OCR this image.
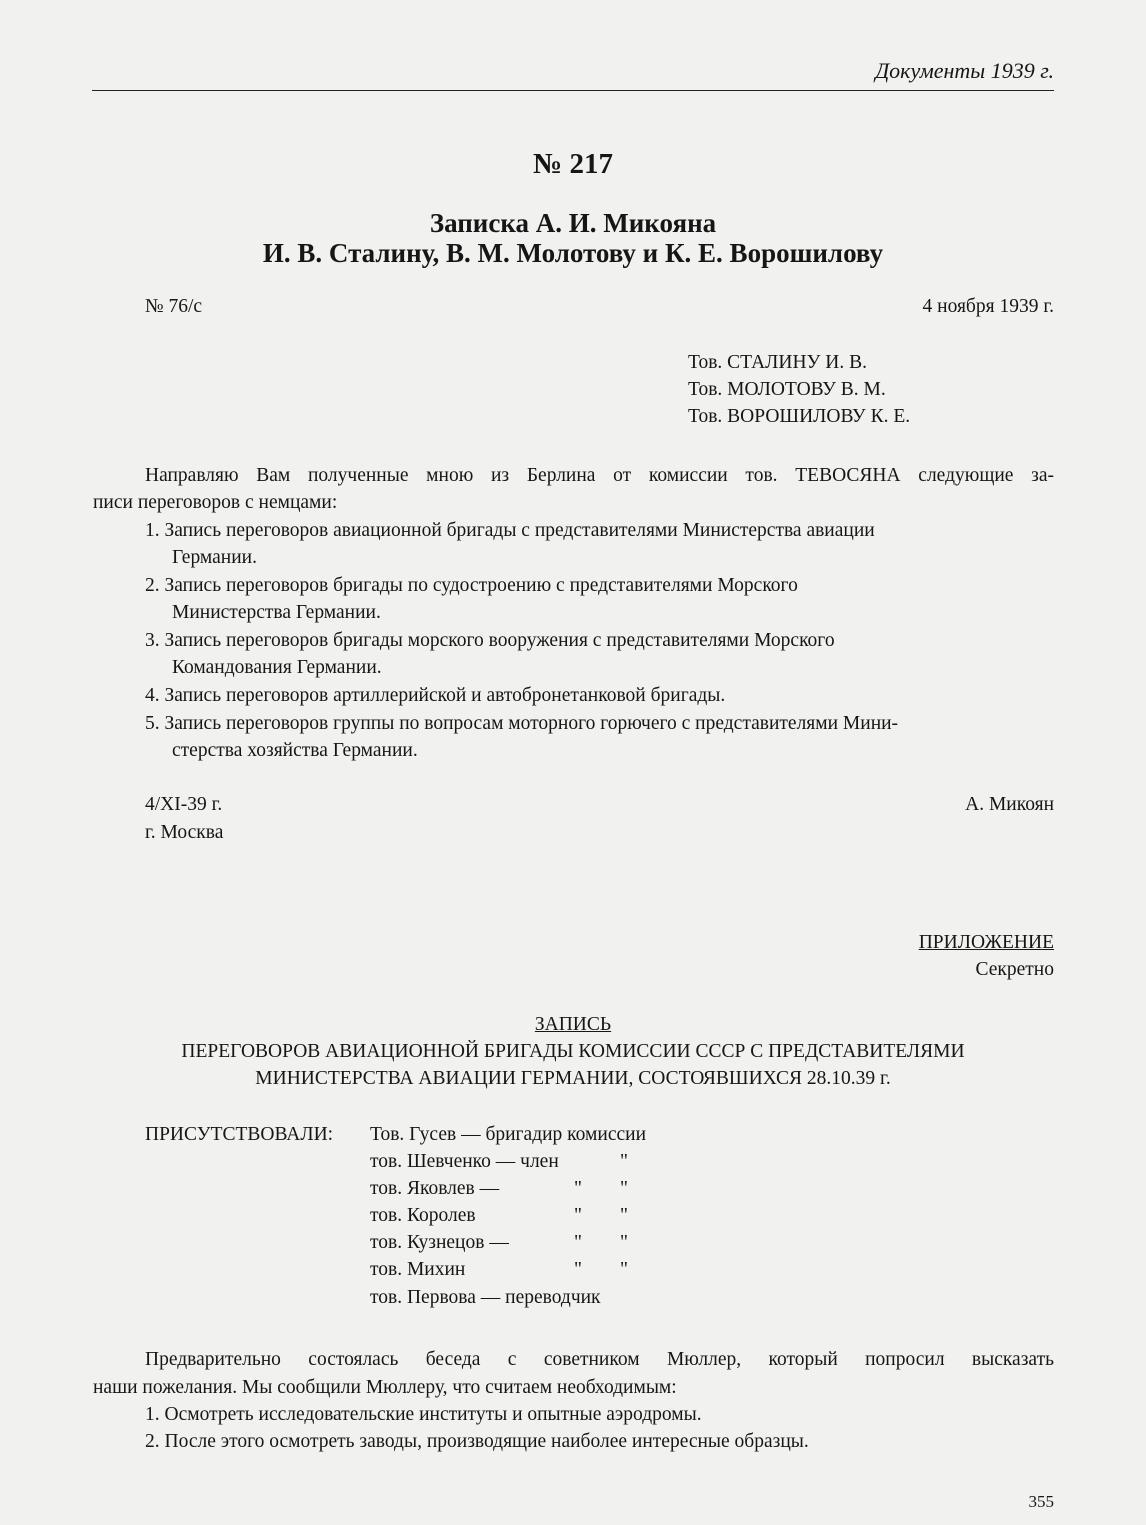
Документы 1939 г.
№ 217
Записка А. И. Микояна
И. В. Сталину, В. М. Молотову и К. Е. Ворошилову
№ 76/с	4 ноября 1939 г.
Тов. СТАЛИНУ И. В.
Тов. МОЛОТОВУ В. М.
Тов. ВОРОШИЛОВУ К. Е.
Направляю Вам полученные мною из Берлина от комиссии тов. ТЕВОСЯНА следующие за-
писи переговоров с немцами:
1. Запись переговоров авиационной бригады с представителями Министерства авиации
Германии.
2. Запись переговоров бригады по судостроению с представителями Морского
Министерства Германии.
3. Запись переговоров бригады морского вооружения с представителями Морского
Командования Германии.
4. Запись переговоров артиллерийской и автобронетанковой бригады.
5. Запись переговоров группы по вопросам моторного горючего с представителями Мини-
стерства хозяйства Германии.
4/XI-39 г.	А. Микоян
г. Москва
ПРИЛОЖЕНИЕ
Секретно
ЗАПИСЬ
ПЕРЕГОВОРОВ АВИАЦИОННОЙ БРИГАДЫ КОМИССИИ СССР С ПРЕДСТАВИТЕЛЯМИ
МИНИСТЕРСТВА АВИАЦИИ ГЕРМАНИИ, СОСТОЯВШИХСЯ 28.10.39 г.
ПРИСУТСТВОВАЛИ: Тов. Гусев — бригадир комиссии
тов. Шевченко — член	"
тов. Яковлев —	" "
тов. Королев	" "
тов. Кузнецов —	" "
тов. Михин	" "
тов. Первова — переводчик
Предварительно состоялась беседа с советником Мюллер, который попросил высказать
наши пожелания. Мы сообщили Мюллеру, что считаем необходимым:
1. Осмотреть исследовательские институты и опытные аэродромы.
2. После этого осмотреть заводы, производящие наиболее интересные образцы.
355
